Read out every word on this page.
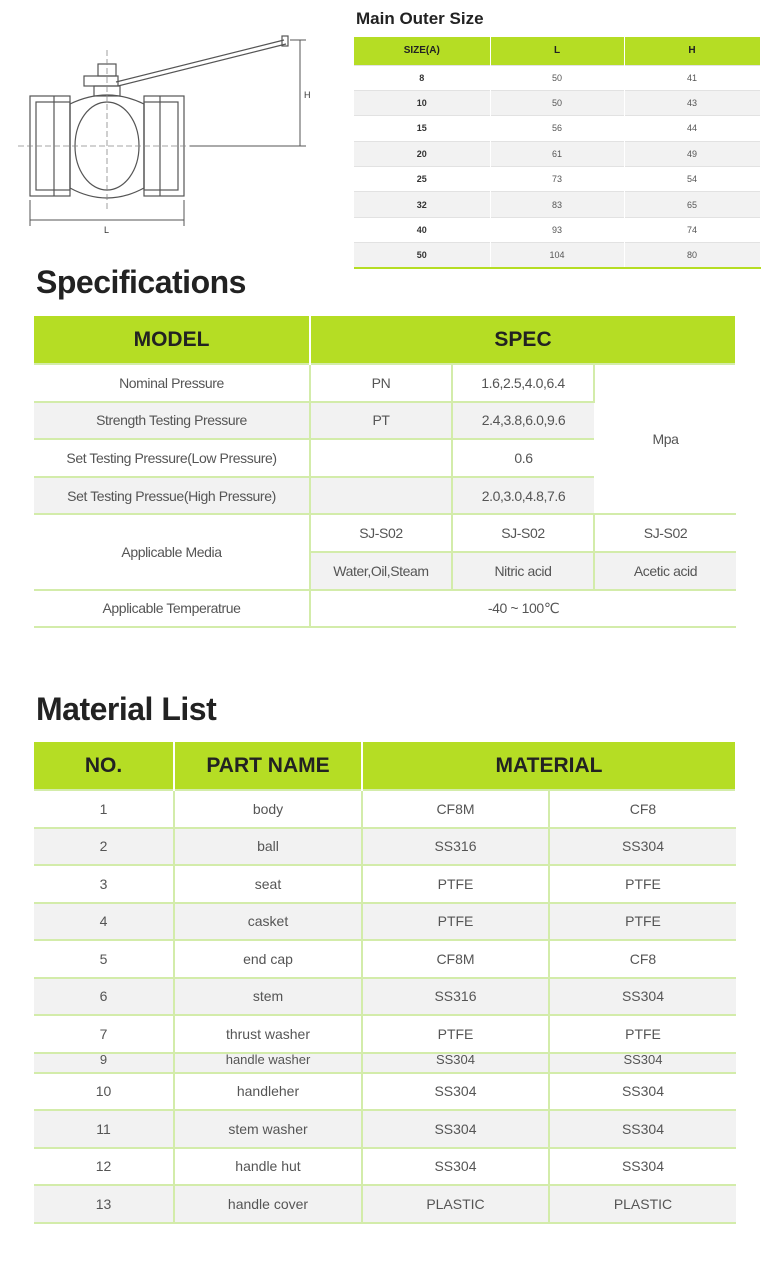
H
L
Main Outer Size
SIZE(A)	L	H
8	50	41
10	50	43
15	56	44
20	61	49
25	73	54
32	83	65
40	93	74
50	104	80
Specifications
MODEL	SPEC		
Nominal Pressure	PN	1.6,2.5,4.0,6.4	Mpa
Strength Testing Pressure	PT	2.4,3.8,6.0,9.6	
Set Testing Pressure(Low Pressure)		0.6	
Set Testing Pressue(High Pressure)		2.0,3.0,4.8,7.6	
Applicable Media	SJ-S02	SJ-S02	SJ-S02
	Water,Oil,Steam	Nitric acid	Acetic acid
Applicable Temperatrue	-40 ~ 100℃		
Material List
NO.	PART NAME	MATERIAL	
1	body	CF8M	CF8
2	ball	SS316	SS304
3	seat	PTFE	PTFE
4	casket	PTFE	PTFE
5	end cap	CF8M	CF8
6	stem	SS316	SS304
7	thrust washer	PTFE	PTFE
9	handle washer	SS304	SS304
10	handleher	SS304	SS304
11	stem washer	SS304	SS304
12	handle hut	SS304	SS304
13	handle cover	PLASTIC	PLASTIC
